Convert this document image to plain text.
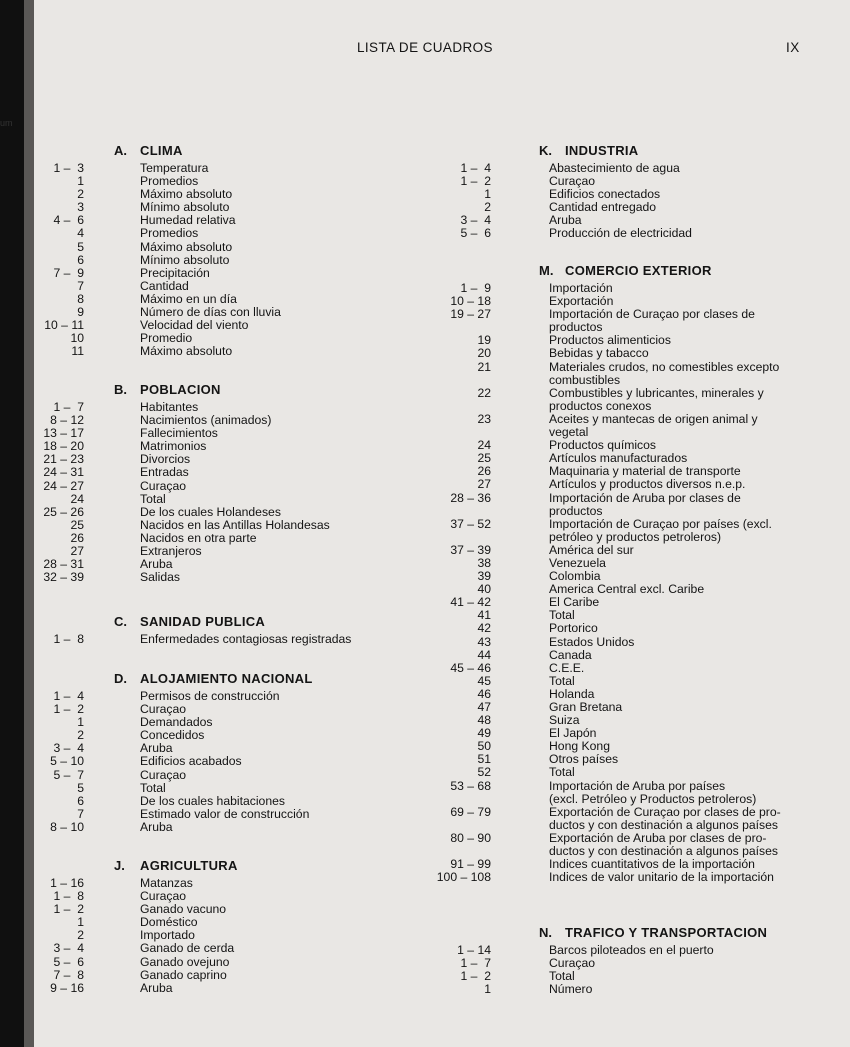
um
LISTA DE CUADROS	IX
A.	CLIMA
1 –  3	Temperatura
1	Promedios
2	Máximo absoluto
3	Mínimo absoluto
4 –  6	Humedad relativa
4	Promedios
5	Máximo absoluto
6	Mínimo absoluto
7 –  9	Precipitación
7	Cantidad
8	Máximo en un día
9	Número de días con lluvia
10 – 11	Velocidad del viento
10	Promedio
11	Máximo absoluto
B.	POBLACION
1 –  7	Habitantes
8 – 12	Nacimientos (animados)
13 – 17	Fallecimientos
18 – 20	Matrimonios
21 – 23	Divorcios
24 – 31	Entradas
24 – 27	Curaçao
24	Total
25 – 26	De los cuales Holandeses
25	Nacidos en las Antillas Holandesas
26	Nacidos en otra parte
27	Extranjeros
28 – 31	Aruba
32 – 39	Salidas
C.	SANIDAD PUBLICA
1 –  8	Enfermedades contagiosas registradas
D.	ALOJAMIENTO NACIONAL
1 –  4	Permisos de construcción
1 –  2	Curaçao
1	Demandados
2	Concedidos
3 –  4	Aruba
5 – 10	Edificios acabados
5 –  7	Curaçao
5	Total
6	De los cuales habitaciones
7	Estimado valor de construcción
8 – 10	Aruba
J.	AGRICULTURA
1 – 16	Matanzas
1 –  8	Curaçao
1 –  2	Ganado vacuno
1	Doméstico
2	Importado
3 –  4	Ganado de cerda
5 –  6	Ganado ovejuno
7 –  8	Ganado caprino
9 – 16	Aruba
K.	INDUSTRIA
1 –  4	Abastecimiento de agua
1 –  2	Curaçao
1	Edificios conectados
2	Cantidad entregado
3 –  4	Aruba
5 –  6	Producción de electricidad
M. COMERCIO EXTERIOR
1 –  9	Importación
10 – 18	Exportación
19 – 27	Importación de Curaçao por clases de
productos
19	Productos alimenticios
20	Bebidas y tabacco
21	Materiales crudos, no comestibles excepto
combustibles
22	Combustibles y lubricantes, minerales y
productos conexos
23	Aceites y mantecas de origen animal y
vegetal
24	Productos químicos
25	Artículos manufacturados
26	Maquinaria y material de transporte
27	Artículos y productos diversos n.e.p.
28 – 36	Importación de Aruba por clases de
productos
37 – 52	Importación de Curaçao por países (excl.
petróleo y productos petroleros)
37 – 39	América del sur
38	Venezuela
39	Colombia
40	America Central excl. Caribe
41 – 42	El Caribe
41	Total
42	Portorico
43	Estados Unidos
44	Canada
45 – 46	C.E.E.
45	Total
46	Holanda
47	Gran Bretana
48	Suiza
49	El Japón
50	Hong Kong
51	Otros países
52	Total
53 – 68	Importación de Aruba por países
(excl. Petróleo y Productos petroleros)
69 – 79	Exportación de Curaçao por clases de pro-
ductos y con destinación a algunos países
80 – 90	Exportación de Aruba por clases de pro-
ductos y con destinación a algunos países
91 – 99	Indices cuantitativos de la importación
100 – 108	Indices de valor unitario de la importación
N.	TRAFICO Y TRANSPORTACION
1 – 14	Barcos piloteados en el puerto
1 –  7	Curaçao
1 –  2	Total
1	Número
